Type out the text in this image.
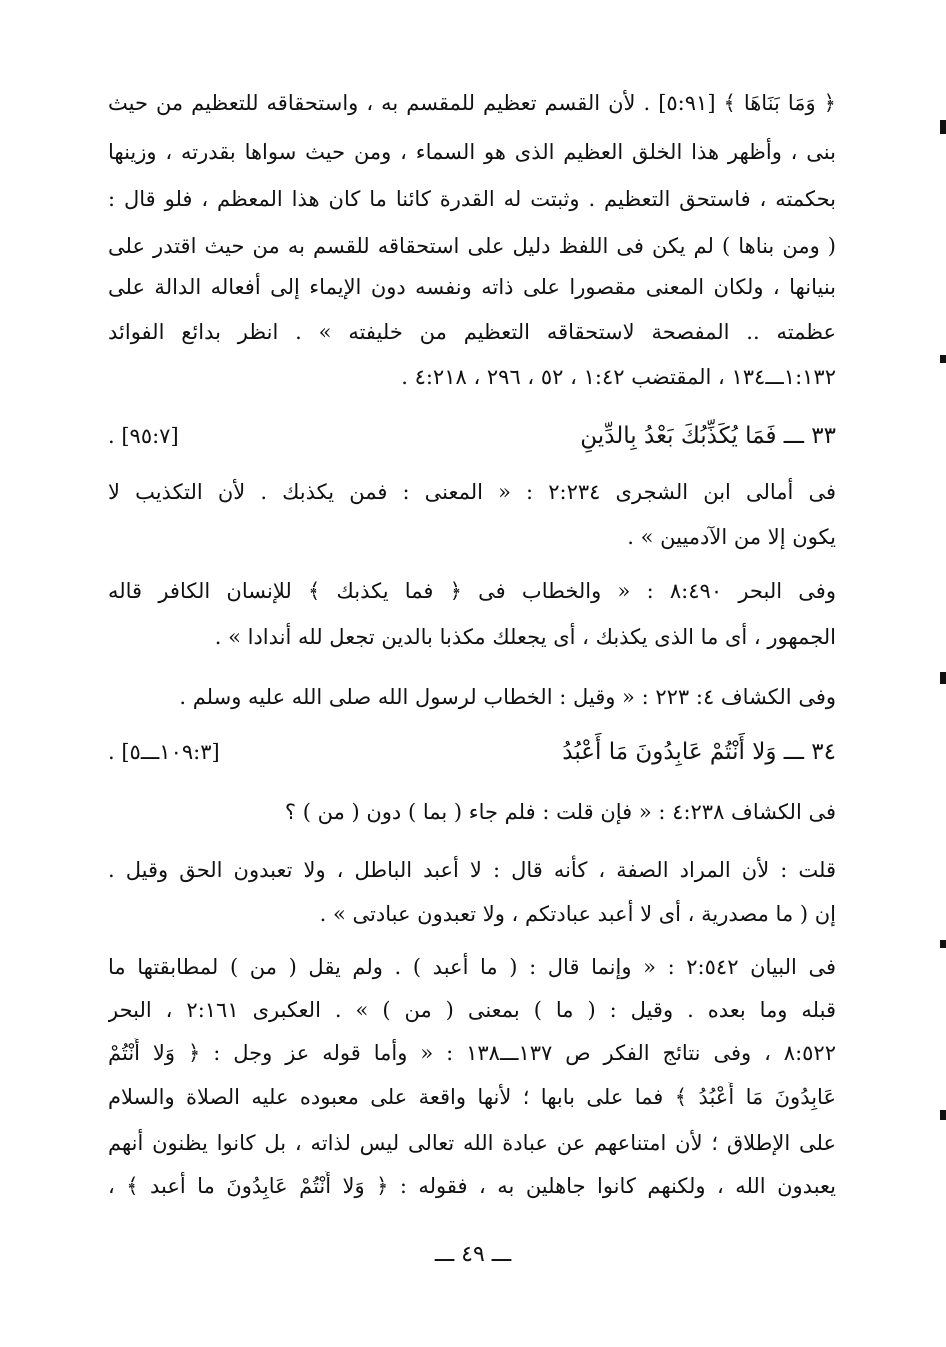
﴿ وَمَا بَنَاهَا ﴾ [٥:٩١] . لأن القسم تعظيم للمقسم به ، واستحقاقه للتعظيم من حيث
بنى ، وأظهر هذا الخلق العظيم الذى هو السماء ، ومن حيث سواها بقدرته ، وزينها
بحكمته ، فاستحق التعظيم . وثبتت له القدرة كائنا ما كان هذا المعظم ، فلو قال :
( ومن بناها ) لم يكن فى اللفظ دليل على استحقاقه للقسم به من حيث اقتدر على
بنيانها ، ولكان المعنى مقصورا على ذاته ونفسه دون الإيماء إلى أفعاله الدالة على
عظمته .. المفصحة لاستحقاقه التعظيم من خليفته » . انظر بدائع الفوائد
١:١٣٢ـــ١٣٤ ، المقتضب ١:٤٢ ، ٥٢ ، ٢٩٦ ، ٤:٢١٨ .
٣٣ ـــ فَمَا يُكَذِّبُكَ بَعْدُ بِالدِّينِ
[٩٥:٧] .
فى أمالى ابن الشجرى ٢:٢٣٤ : « المعنى : فمن يكذبك . لأن التكذيب لا
يكون إلا من الآدميين » .
وفى البحر ٨:٤٩٠ : « والخطاب فى ﴿ فما يكذبك ﴾ للإنسان الكافر قاله
الجمهور ، أى ما الذى يكذبك ، أى يجعلك مكذبا بالدين تجعل لله أندادا » .
وفى الكشاف ٤: ٢٢٣ : « وقيل : الخطاب لرسول الله صلى الله عليه وسلم .
٣٤ ـــ وَلا أَنْتُمْ عَابِدُونَ مَا أَعْبُدُ
[١٠٩:٣ـــ٥] .
فى الكشاف ٤:٢٣٨ : « فإن قلت : فلم جاء ( بما ) دون ( من ) ؟
قلت : لأن المراد الصفة ، كأنه قال : لا أعبد الباطل ، ولا تعبدون الحق وقيل .
إن ( ما مصدرية ، أى لا أعبد عبادتكم ، ولا تعبدون عبادتى » .
فى البيان ٢:٥٤٢ : « وإنما قال : ( ما أعبد ) . ولم يقل ( من ) لمطابقتها ما
قبله وما بعده . وقيل : ( ما ) بمعنى ( من ) » . العكبرى ٢:١٦١ ، البحر
٨:٥٢٢ ، وفى نتائج الفكر ص ١٣٧ـــ١٣٨ : « وأما قوله عز وجل : ﴿ وَلا أَنْتُمْ
عَابِدُونَ مَا أَعْبُدُ ﴾ فما على بابها ؛ لأنها واقعة على معبوده عليه الصلاة والسلام
على الإطلاق ؛ لأن امتناعهم عن عبادة الله تعالى ليس لذاته ، بل كانوا يظنون أنهم
يعبدون الله ، ولكنهم كانوا جاهلين به ، فقوله : ﴿ وَلا أَنْتُمْ عَابِدُونَ ما أعبد ﴾ ،
ـــ ٤٩ ـــ
